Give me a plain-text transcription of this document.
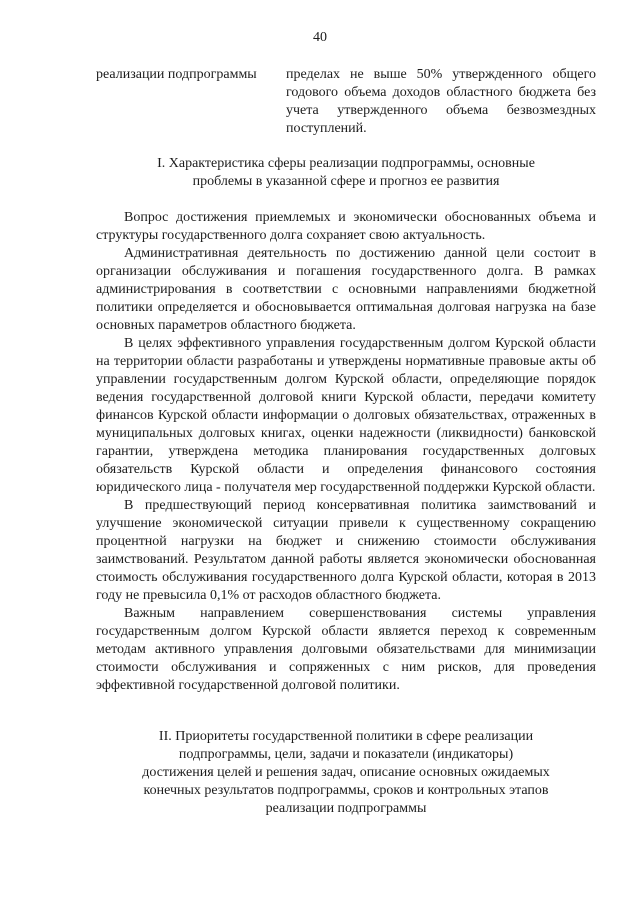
40
реализации подпрограммы	пределах не выше 50% утвержденного общего годового объема доходов областного бюджета без учета утвержденного объема безвозмездных поступлений.
I. Характеристика сферы реализации подпрограммы, основные проблемы в указанной сфере и прогноз ее развития

Вопрос достижения приемлемых и экономически обоснованных объема и структуры государственного долга сохраняет свою актуальность.

Административная деятельность по достижению данной цели состоит в организации обслуживания и погашения государственного долга. В рамках администрирования в соответствии с основными направлениями бюджетной политики определяется и обосновывается оптимальная долговая нагрузка на базе основных параметров областного бюджета.

В целях эффективного управления государственным долгом Курской области на территории области разработаны и утверждены нормативные правовые акты об управлении государственным долгом Курской области, определяющие порядок ведения государственной долговой книги Курской области, передачи комитету финансов Курской области информации о долговых обязательствах, отраженных в муниципальных долговых книгах, оценки надежности (ликвидности) банковской гарантии, утверждена методика планирования государственных долговых обязательств Курской области и определения финансового состояния юридического лица - получателя мер государственной поддержки Курской области.

В предшествующий период консервативная политика заимствований и улучшение экономической ситуации привели к существенному сокращению процентной нагрузки на бюджет и снижению стоимости обслуживания заимствований. Результатом данной работы является экономически обоснованная стоимость обслуживания государственного долга Курской области, которая в 2013 году не превысила 0,1% от расходов областного бюджета.

Важным направлением совершенствования системы управления государственным долгом Курской области является переход к современным методам активного управления долговыми обязательствами для минимизации стоимости обслуживания и сопряженных с ним рисков, для проведения эффективной государственной долговой политики.

II. Приоритеты государственной политики в сфере реализации подпрограммы, цели, задачи и показатели (индикаторы) достижения целей и решения задач, описание основных ожидаемых конечных результатов подпрограммы, сроков и контрольных этапов реализации подпрограммы
